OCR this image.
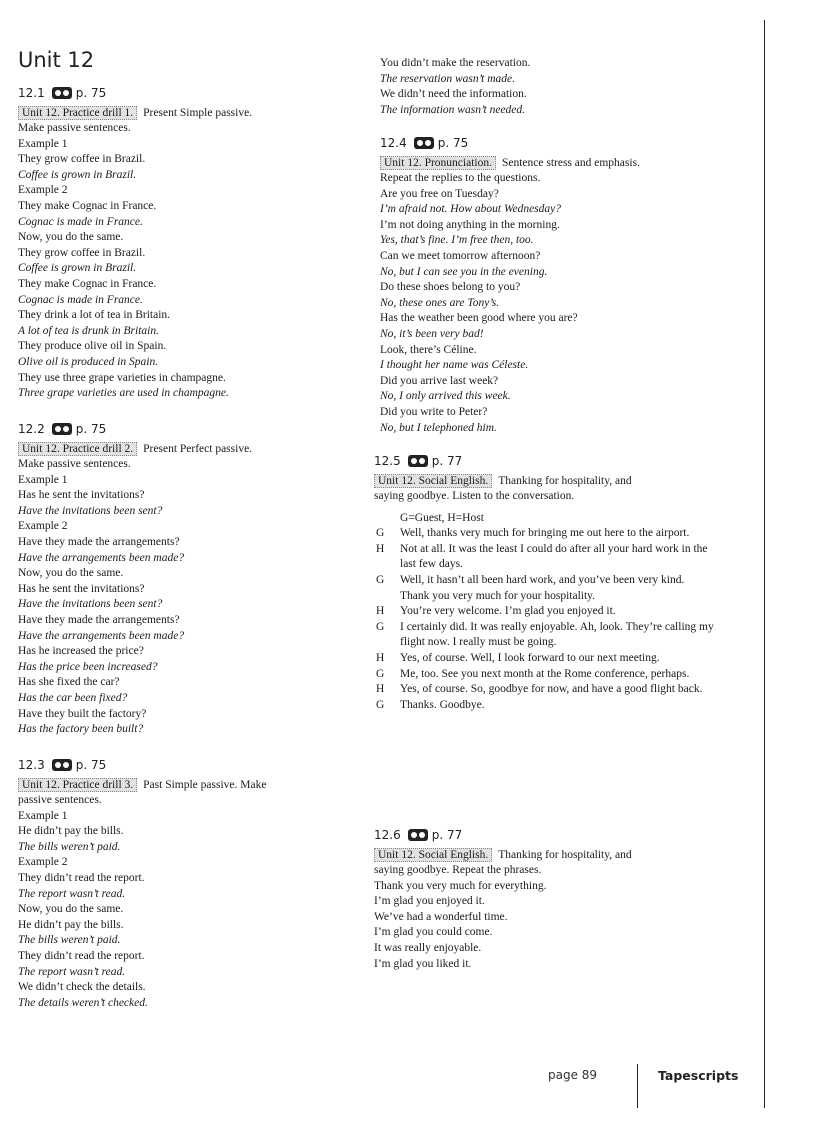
Unit 12
12.1	p. 75
Unit 12. Practice drill 1. Present Simple passive.
Make passive sentences.
Example 1
They grow coffee in Brazil.
Coffee is grown in Brazil.
Example 2
They make Cognac in France.
Cognac is made in France.
Now, you do the same.
They grow coffee in Brazil.
Coffee is grown in Brazil.
They make Cognac in France.
Cognac is made in France.
They drink a lot of tea in Britain.
A lot of tea is drunk in Britain.
They produce olive oil in Spain.
Olive oil is produced in Spain.
They use three grape varieties in champagne.
Three grape varieties are used in champagne.
12.2	p. 75
Unit 12. Practice drill 2. Present Perfect passive.
Make passive sentences.
Example 1
Has he sent the invitations?
Have the invitations been sent?
Example 2
Have they made the arrangements?
Have the arrangements been made?
Now, you do the same.
Has he sent the invitations?
Have the invitations been sent?
Have they made the arrangements?
Have the arrangements been made?
Has he increased the price?
Has the price been increased?
Has she fixed the car?
Has the car been fixed?
Have they built the factory?
Has the factory been built?
12.3	p. 75
Unit 12. Practice drill 3. Past Simple passive. Make
passive sentences.
Example 1
He didn’t pay the bills.
The bills weren’t paid.
Example 2
They didn’t read the report.
The report wasn’t read.
Now, you do the same.
He didn’t pay the bills.
The bills weren’t paid.
They didn’t read the report.
The report wasn’t read.
We didn’t check the details.
The details weren’t checked.
You didn’t make the reservation.
The reservation wasn’t made.
We didn’t need the information.
The information wasn’t needed.
12.4	p. 75
Unit 12. Pronunciation. Sentence stress and emphasis.
Repeat the replies to the questions.
Are you free on Tuesday?
I’m afraid not. How about Wednesday?
I’m not doing anything in the morning.
Yes, that’s fine. I’m free then, too.
Can we meet tomorrow afternoon?
No, but I can see you in the evening.
Do these shoes belong to you?
No, these ones are Tony’s.
Has the weather been good where you are?
No, it’s been very bad!
Look, there’s Céline.
I thought her name was Céleste.
Did you arrive last week?
No, I only arrived this week.
Did you write to Peter?
No, but I telephoned him.
12.5	p. 77
Unit 12. Social English. Thanking for hospitality, and
saying goodbye. Listen to the conversation.
G=Guest, H=Host
G	Well, thanks very much for bringing me out here to the airport.
H	Not at all. It was the least I could do after all your hard work in the last few days.
G	Well, it hasn’t all been hard work, and you’ve been very kind. Thank you very much for your hospitality.
H	You’re very welcome. I’m glad you enjoyed it.
G	I certainly did. It was really enjoyable. Ah, look. They’re calling my flight now. I really must be going.
H	Yes, of course. Well, I look forward to our next meeting.
G	Me, too. See you next month at the Rome conference, perhaps.
H	Yes, of course. So, goodbye for now, and have a good flight back.
G	Thanks. Goodbye.
12.6	p. 77
Unit 12. Social English. Thanking for hospitality, and
saying goodbye. Repeat the phrases.
Thank you very much for everything.
I’m glad you enjoyed it.
We’ve had a wonderful time.
I’m glad you could come.
It was really enjoyable.
I’m glad you liked it.
page 89	Tapescripts
